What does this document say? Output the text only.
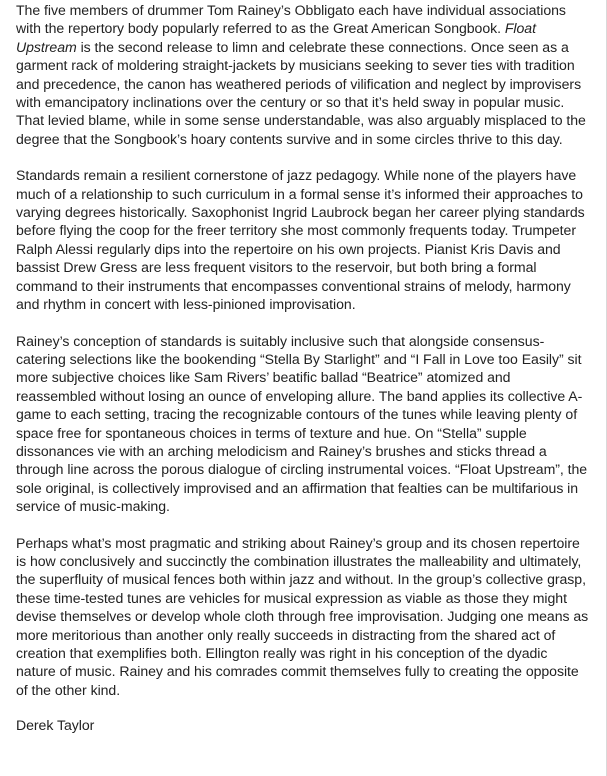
The five members of drummer Tom Rainey’s Obbligato each have individual associations with the repertory body popularly referred to as the Great American Songbook. Float Upstream is the second release to limn and celebrate these connections. Once seen as a garment rack of moldering straight-jackets by musicians seeking to sever ties with tradition and precedence, the canon has weathered periods of vilification and neglect by improvisers with emancipatory inclinations over the century or so that it’s held sway in popular music. That levied blame, while in some sense understandable, was also arguably misplaced to the degree that the Songbook’s hoary contents survive and in some circles thrive to this day.

Standards remain a resilient cornerstone of jazz pedagogy. While none of the players have much of a relationship to such curriculum in a formal sense it’s informed their approaches to varying degrees historically. Saxophonist Ingrid Laubrock began her career plying standards before flying the coop for the freer territory she most commonly frequents today. Trumpeter Ralph Alessi regularly dips into the repertoire on his own projects. Pianist Kris Davis and bassist Drew Gress are less frequent visitors to the reservoir, but both bring a formal command to their instruments that encompasses conventional strains of melody, harmony and rhythm in concert with less-pinioned improvisation.

Rainey’s conception of standards is suitably inclusive such that alongside consensus-catering selections like the bookending “Stella By Starlight” and “I Fall in Love too Easily” sit more subjective choices like Sam Rivers’ beatific ballad “Beatrice” atomized and reassembled without losing an ounce of enveloping allure. The band applies its collective A-game to each setting, tracing the recognizable contours of the tunes while leaving plenty of space free for spontaneous choices in terms of texture and hue. On “Stella” supple dissonances vie with an arching melodicism and Rainey’s brushes and sticks thread a through line across the porous dialogue of circling instrumental voices. “Float Upstream”, the sole original, is collectively improvised and an affirmation that fealties can be multifarious in service of music-making.

Perhaps what’s most pragmatic and striking about Rainey’s group and its chosen repertoire is how conclusively and succinctly the combination illustrates the malleability and ultimately, the superfluity of musical fences both within jazz and without. In the group’s collective grasp, these time-tested tunes are vehicles for musical expression as viable as those they might devise themselves or develop whole cloth through free improvisation. Judging one means as more meritorious than another only really succeeds in distracting from the shared act of creation that exemplifies both. Ellington really was right in his conception of the dyadic nature of music. Rainey and his comrades commit themselves fully to creating the opposite of the other kind.

Derek Taylor
